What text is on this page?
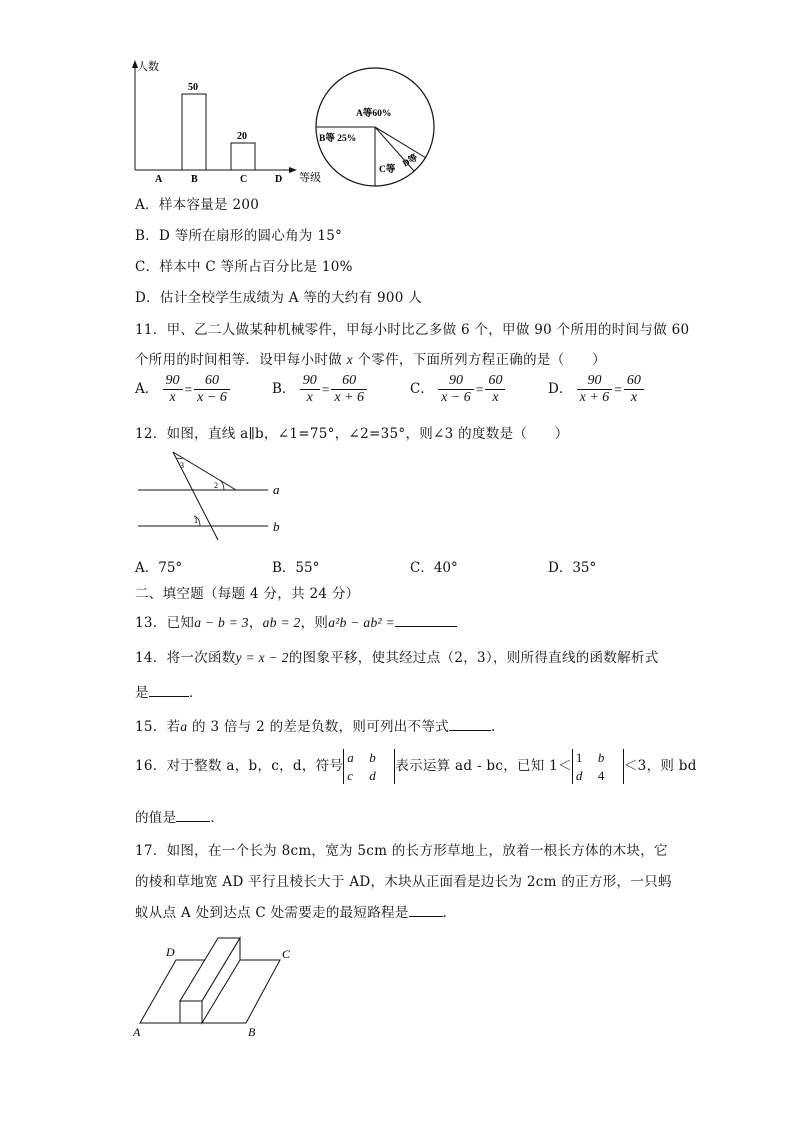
人数
等级
50
20
A	B	C	D
A等60%
B等 25%
C等
D等
A．样本容量是 200
B．D 等所在扇形的圆心角为 15°
C．样本中 C 等所占百分比是 10%
D．估计全校学生成绩为 A 等的大约有 900 人
11．甲、乙二人做某种机械零件，甲每小时比乙多做 6 个，甲做 90 个所用的时间与做 60
个所用的时间相等．设甲每小时做 x 个零件，下面所列方程正确的是（　　）
A． $\frac{90}{x} = \frac{60}{x - 6}$	B． $\frac{90}{x} = \frac{60}{x + 6}$	C． $\frac{90}{x - 6} = \frac{60}{x}$	D． $\frac{90}{x + 6} = \frac{60}{x}$
12．如图，直线 a∥b，∠1=75°，∠2=35°，则∠3 的度数是（　　）
a
b
1
2
3
A．75°	B．55°	C．40°	D．35°
二、填空题（每题 4 分，共 24 分）
13．已知a − b = 3，ab = 2，则a²b − ab² =
14．将一次函数y = x − 2的图象平移，使其经过点（2，3），则所得直线的函数解析式
是	．
15．若a 的 3 倍与 2 的差是负数，则可列出不等式	．
16．对于整数 a，b，c，d，符号a b
c d表示运算 ad - bc，已知 1＜1 b
d 4＜3，则 bd
的值是	．
17．如图，在一个长为 8cm，宽为 5cm 的长方形草地上，放着一根长方体的木块，它
的棱和草地宽 AD 平行且棱长大于 AD，木块从正面看是边长为 2cm 的正方形，一只蚂
蚁从点 A 处到达点 C 处需要走的最短路程是	．
A	B
C
D
